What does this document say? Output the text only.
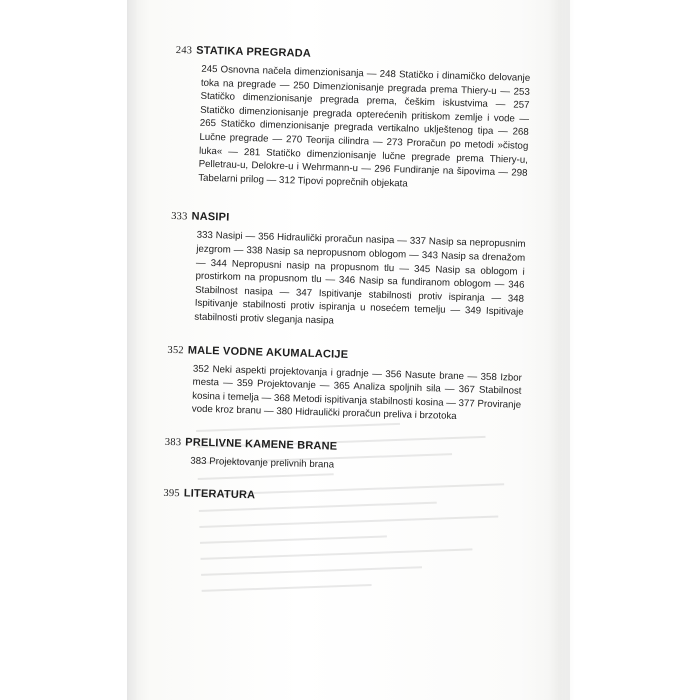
243 STATIKA PREGRADA
245 Osnovna načela dimenzionisanja — 248 Statičko i dinamičko delovanje toka na pregrade — 250 Dimenzionisanje pregrada prema Thiery-u — 253 Statičko dimenzionisanje pregrada prema, češkim iskustvima — 257 Statičko dimenzionisanje pregrada opterećenih pritiskom zemlje i vode — 265 Statičko dimenzionisanje pregrada vertikalno ukljеštenog tipa — 268 Lučne pregrade — 270 Teorija cilindra — 273 Proračun po metodi »čistog luka« — 281 Statičko dimenzionisanje lučne pregrade prema Thiery-u, Pelletrau-u, Delokre-u i Wehrmann-u — 296 Fundiranje na šipovima — 298 Tabelarni prilog — 312 Tipovi poprečnih objekata
333 NASIPI
333 Nasipi — 356 Hidraulički proračun nasipa — 337 Nasip sa nepropusnim jezgrom — 338 Nasip sa nepropusnom oblogom — 343 Nasip sa drenažom — 344 Nepropusni nasip na propusnom tlu — 345 Nasip sa oblogom i prostirkom na propusnom tlu — 346 Nasip sa fundiranom oblogom — 346 Stabilnost nasipa — 347 Ispitivanje stabilnosti protiv ispiranja — 348 Ispitivanje stabilnosti protiv ispiranja u nosećem temelju — 349 Ispitivaje stabilnosti protiv sleganja nasipa
352 MALE VODNE AKUMALACIJE
352 Neki aspekti projektovanja i gradnje — 356 Nasute brane — 358 Izbor mesta — 359 Projektovanje — 365 Analiza spoljnih sila — 367 Stabilnost kosina i temelja — 368 Metodi ispitivanja stabilnosti kosina — 377 Proviranje vode kroz branu — 380 Hidraulički proračun preliva i brzotoka
383 PRELIVNE KAMENE BRANE
383 Projektovanje prelivnih brana
395 LITERATURA
